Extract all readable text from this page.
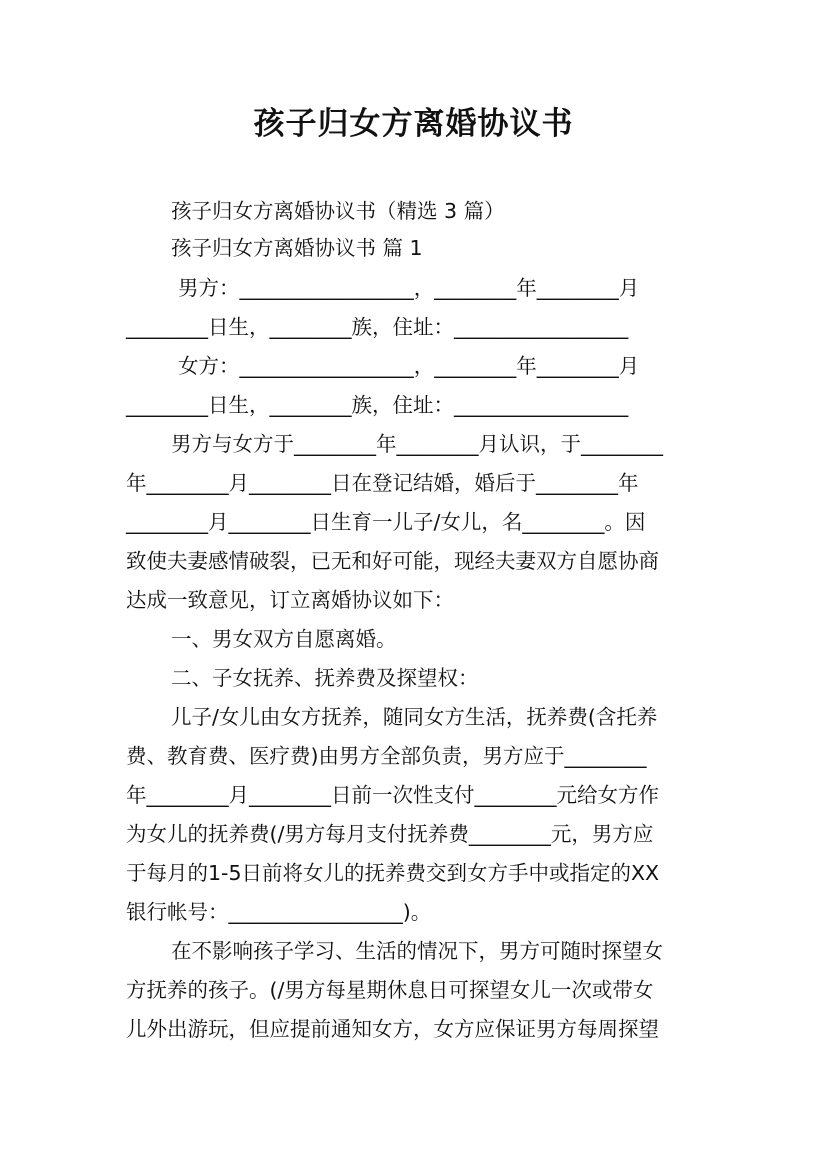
孩子归女方离婚协议书
孩子归女方离婚协议书（精选 3 篇）
孩子归女方离婚协议书 篇 1
男方：_________________，________年________月
________日生，________族，住址：_________________
女方：_________________，________年________月
________日生，________族，住址：_________________
男方与女方于________年________月认识，于________
年________月________日在登记结婚，婚后于________年
________月________日生育一儿子/女儿，名________。因
致使夫妻感情破裂，已无和好可能，现经夫妻双方自愿协商
达成一致意见，订立离婚协议如下：
一、男女双方自愿离婚。
二、子女抚养、抚养费及探望权：
儿子/女儿由女方抚养，随同女方生活，抚养费(含托养
费、教育费、医疗费)由男方全部负责，男方应于________
年________月________日前一次性支付________元给女方作
为女儿的抚养费(/男方每月支付抚养费________元，男方应
于每月的1-5日前将女儿的抚养费交到女方手中或指定的XX
银行帐号：_________________)。
在不影响孩子学习、生活的情况下，男方可随时探望女
方抚养的孩子。(/男方每星期休息日可探望女儿一次或带女
儿外出游玩，但应提前通知女方，女方应保证男方每周探望
